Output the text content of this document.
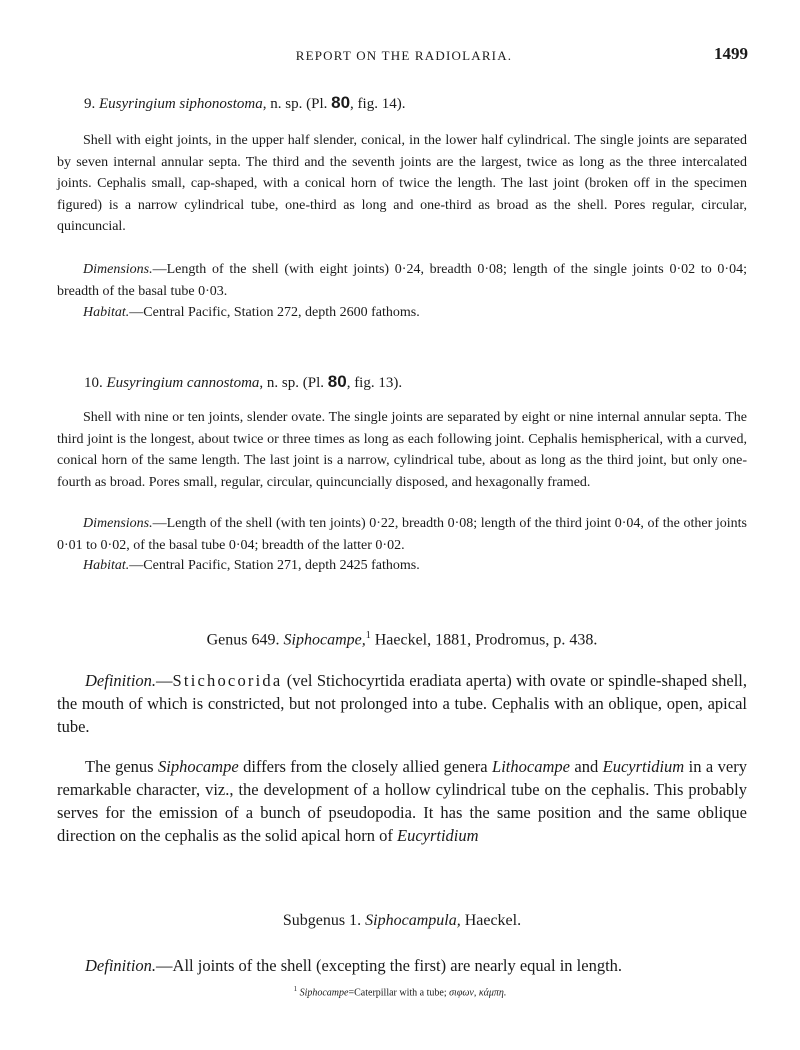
REPORT ON THE RADIOLARIA.	1499
9. Eusyringium siphonostoma, n. sp. (Pl. 80, fig. 14).

Shell with eight joints, in the upper half slender, conical, in the lower half cylindrical. The single joints are separated by seven internal annular septa. The third and the seventh joints are the largest, twice as long as the three intercalated joints. Cephalis small, cap-shaped, with a conical horn of twice the length. The last joint (broken off in the specimen figured) is a narrow cylindrical tube, one-third as long and one-third as broad as the shell. Pores regular, circular, quincuncial.

Dimensions.—Length of the shell (with eight joints) 0·24, breadth 0·08; length of the single joints 0·02 to 0·04; breadth of the basal tube 0·03.

Habitat.—Central Pacific, Station 272, depth 2600 fathoms.

10. Eusyringium cannostoma, n. sp. (Pl. 80, fig. 13).

Shell with nine or ten joints, slender ovate. The single joints are separated by eight or nine internal annular septa. The third joint is the longest, about twice or three times as long as each following joint. Cephalis hemispherical, with a curved, conical horn of the same length. The last joint is a narrow, cylindrical tube, about as long as the third joint, but only one-fourth as broad. Pores small, regular, circular, quincuncially disposed, and hexagonally framed.

Dimensions.—Length of the shell (with ten joints) 0·22, breadth 0·08; length of the third joint 0·04, of the other joints 0·01 to 0·02, of the basal tube 0·04; breadth of the latter 0·02.

Habitat.—Central Pacific, Station 271, depth 2425 fathoms.

Genus 649. Siphocampe,$^1$ Haeckel, 1881, Prodromus, p. 438.

Definition.—Stichocorida (vel Stichocyrtida eradiata aperta) with ovate or spindle-shaped shell, the mouth of which is constricted, but not prolonged into a tube. Cephalis with an oblique, open, apical tube.

The genus Siphocampe differs from the closely allied genera Lithocampe and Eucyrtidium in a very remarkable character, viz., the development of a hollow cylindrical tube on the cephalis. This probably serves for the emission of a bunch of pseudopodia. It has the same position and the same oblique direction on the cephalis as the solid apical horn of Eucyrtidium

Subgenus 1. Siphocampula, Haeckel.

Definition.—All joints of the shell (excepting the first) are nearly equal in length.

$^1$ Siphocampe=Caterpillar with a tube; σιφων, κάμπη.
